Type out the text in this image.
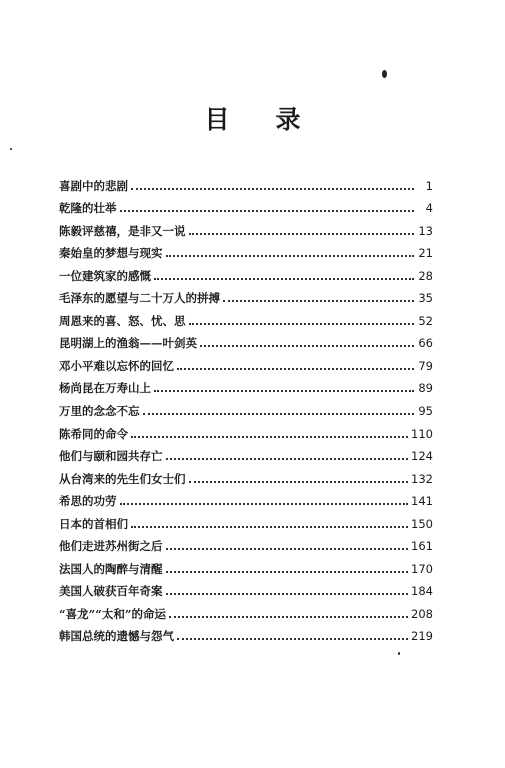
目 录
喜剧中的悲剧	1
乾隆的壮举	4
陈毅评慈禧，是非又一说	13
秦始皇的梦想与现实	21
一位建筑家的感慨	28
毛泽东的愿望与二十万人的拼搏	35
周恩来的喜、怒、忧、思	52
昆明湖上的渔翁——叶剑英	66
邓小平难以忘怀的回忆	79
杨尚昆在万寿山上	89
万里的念念不忘	95
陈希同的命令	110
他们与颐和园共存亡	124
从台湾来的先生们女士们	132
希思的功劳	141
日本的首相们	150
他们走进苏州街之后	161
法国人的陶醉与清醒	170
美国人破获百年奇案	184
“喜龙”“太和”的命运	208
韩国总统的遗憾与怨气	219
